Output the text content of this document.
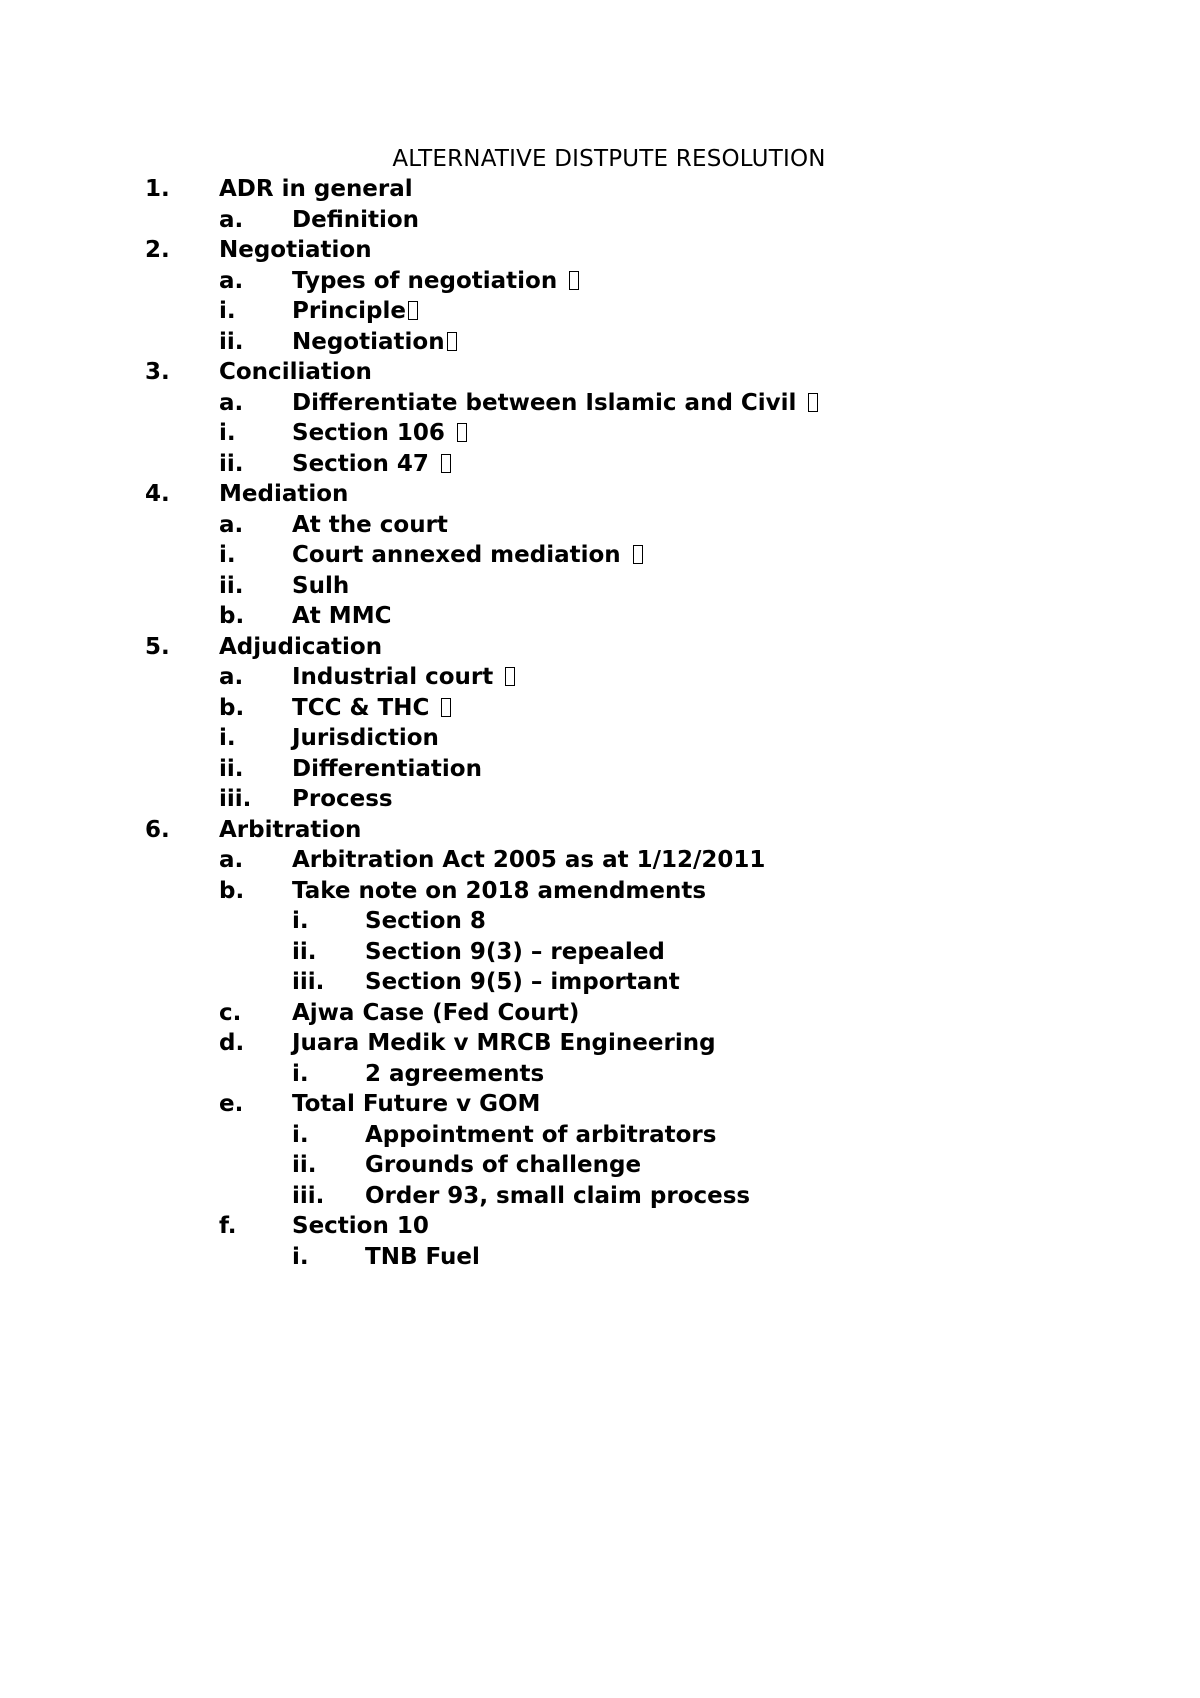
ALTERNATIVE DISTPUTE RESOLUTION
1. ADR in general
a. Definition
2. Negotiation
a. Types of negotiation
i. Principle
ii. Negotiation
3. Conciliation
a. Differentiate between Islamic and Civil
i. Section 106
ii. Section 47
4. Mediation
a. At the court
i. Court annexed mediation
ii. Sulh
b. At MMC
5. Adjudication
a. Industrial court
b. TCC & THC
i. Jurisdiction
ii. Differentiation
iii. Process
6. Arbitration
a. Arbitration Act 2005 as at 1/12/2011
b. Take note on 2018 amendments
i. Section 8
ii. Section 9(3) – repealed
iii. Section 9(5) – important
c. Ajwa Case (Fed Court)
d. Juara Medik v MRCB Engineering
i. 2 agreements
e. Total Future v GOM
i. Appointment of arbitrators
ii. Grounds of challenge
iii. Order 93, small claim process
f. Section 10
i. TNB Fuel
